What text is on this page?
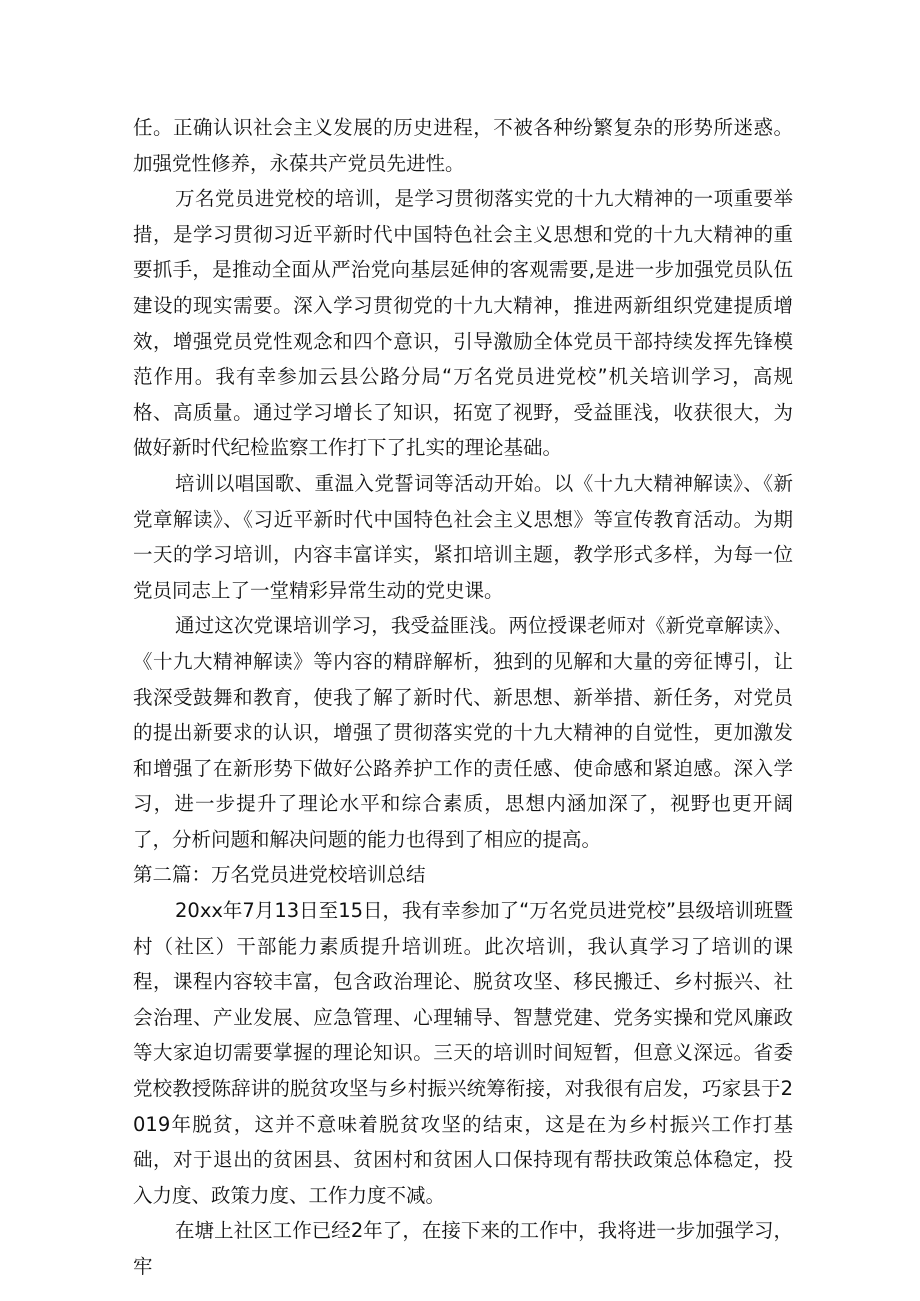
任。正确认识社会主义发展的历史进程，不被各种纷繁复杂的形势所迷惑。加强党性修养，永葆共产党员先进性。

万名党员进党校的培训，是学习贯彻落实党的十九大精神的一项重要举措，是学习贯彻习近平新时代中国特色社会主义思想和党的十九大精神的重要抓手，是推动全面从严治党向基层延伸的客观需要,是进一步加强党员队伍建设的现实需要。深入学习贯彻党的十九大精神，推进两新组织党建提质增效，增强党员党性观念和四个意识，引导激励全体党员干部持续发挥先锋模范作用。我有幸参加云县公路分局“万名党员进党校”机关培训学习，高规格、高质量。通过学习增长了知识，拓宽了视野，受益匪浅，收获很大，为做好新时代纪检监察工作打下了扎实的理论基础。

培训以唱国歌、重温入党誓词等活动开始。以《十九大精神解读》、《新党章解读》、《习近平新时代中国特色社会主义思想》等宣传教育活动。为期一天的学习培训，内容丰富详实，紧扣培训主题，教学形式多样，为每一位党员同志上了一堂精彩异常生动的党史课。

通过这次党课培训学习，我受益匪浅。两位授课老师对《新党章解读》、《十九大精神解读》等内容的精辟解析，独到的见解和大量的旁征博引，让我深受鼓舞和教育，使我了解了新时代、新思想、新举措、新任务，对党员的提出新要求的认识，增强了贯彻落实党的十九大精神的自觉性，更加激发和增强了在新形势下做好公路养护工作的责任感、使命感和紧迫感。深入学习，进一步提升了理论水平和综合素质，思想内涵加深了，视野也更开阔了，分析问题和解决问题的能力也得到了相应的提高。

第二篇：万名党员进党校培训总结

20xx年7月13日至15日，我有幸参加了“万名党员进党校”县级培训班暨村（社区）干部能力素质提升培训班。此次培训，我认真学习了培训的课程，课程内容较丰富，包含政治理论、脱贫攻坚、移民搬迁、乡村振兴、社会治理、产业发展、应急管理、心理辅导、智慧党建、党务实操和党风廉政等大家迫切需要掌握的理论知识。三天的培训时间短暂，但意义深远。省委党校教授陈辞讲的脱贫攻坚与乡村振兴统筹衔接，对我很有启发，巧家县于2019年脱贫，这并不意味着脱贫攻坚的结束，这是在为乡村振兴工作打基础，对于退出的贫困县、贫困村和贫困人口保持现有帮扶政策总体稳定，投入力度、政策力度、工作力度不减。

在塘上社区工作已经2年了，在接下来的工作中，我将进一步加强学习，牢
